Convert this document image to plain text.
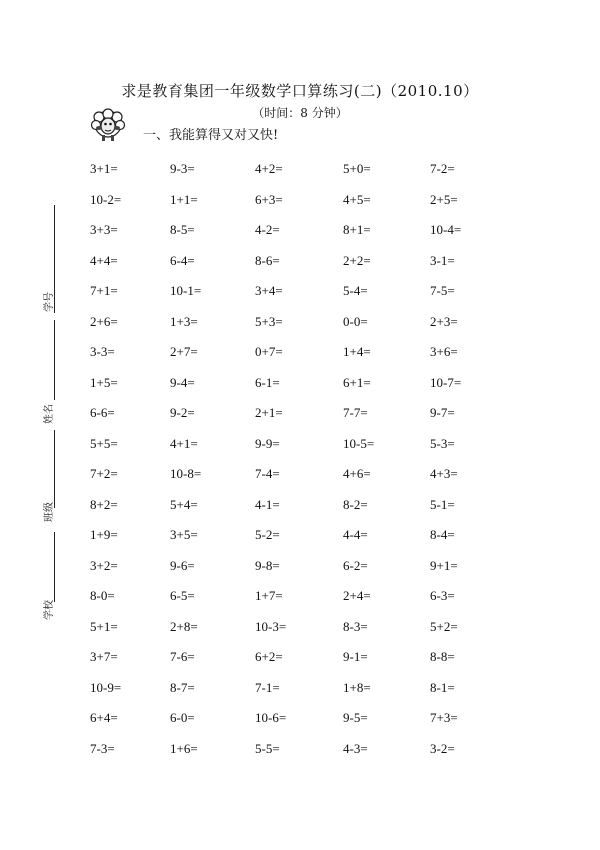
求是教育集团一年级数学口算练习(二)（2010.10）
（时间：8 分钟）
一、我能算得又对又快!
学号
姓名
班级
学校
3+1=	9-3=	4+2=	5+0=	7-2=
10-2=	1+1=	6+3=	4+5=	2+5=
3+3=	8-5=	4-2=	8+1=	10-4=
4+4=	6-4=	8-6=	2+2=	3-1=
7+1=	10-1=	3+4=	5-4=	7-5=
2+6=	1+3=	5+3=	0-0=	2+3=
3-3=	2+7=	0+7=	1+4=	3+6=
1+5=	9-4=	6-1=	6+1=	10-7=
6-6=	9-2=	2+1=	7-7=	9-7=
5+5=	4+1=	9-9=	10-5=	5-3=
7+2=	10-8=	7-4=	4+6=	4+3=
8+2=	5+4=	4-1=	8-2=	5-1=
1+9=	3+5=	5-2=	4-4=	8-4=
3+2=	9-6=	9-8=	6-2=	9+1=
8-0=	6-5=	1+7=	2+4=	6-3=
5+1=	2+8=	10-3=	8-3=	5+2=
3+7=	7-6=	6+2=	9-1=	8-8=
10-9=	8-7=	7-1=	1+8=	8-1=
6+4=	6-0=	10-6=	9-5=	7+3=
7-3=	1+6=	5-5=	4-3=	3-2=
